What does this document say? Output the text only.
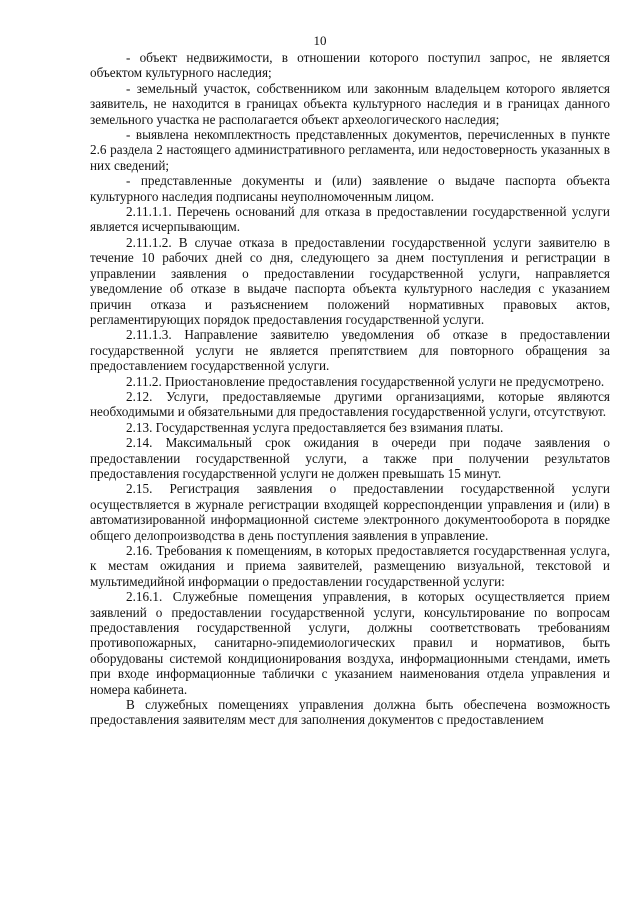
10

- объект недвижимости, в отношении которого поступил запрос, не является объектом культурного наследия;

- земельный участок, собственником или законным владельцем которого является заявитель, не находится в границах объекта культурного наследия и в границах данного земельного участка не располагается объект археологического наследия;

- выявлена некомплектность представленных документов, перечисленных в пункте 2.6 раздела 2 настоящего административного регламента, или недостоверность указанных в них сведений;

- представленные документы и (или) заявление о выдаче паспорта объекта культурного наследия подписаны неуполномоченным лицом.

2.11.1.1. Перечень оснований для отказа в предоставлении государственной услуги является исчерпывающим.

2.11.1.2. В случае отказа в предоставлении государственной услуги заявителю в течение 10 рабочих дней со дня, следующего за днем поступления и регистрации в управлении заявления о предоставлении государственной услуги, направляется уведомление об отказе в выдаче паспорта объекта культурного наследия с указанием причин отказа и разъяснением положений нормативных правовых актов, регламентирующих порядок предоставления государственной услуги.

2.11.1.3. Направление заявителю уведомления об отказе в предоставлении государственной услуги не является препятствием для повторного обращения за предоставлением государственной услуги.

2.11.2. Приостановление предоставления государственной услуги не предусмотрено.

2.12. Услуги, предоставляемые другими организациями, которые являются необходимыми и обязательными для предоставления государственной услуги, отсутствуют.

2.13. Государственная услуга предоставляется без взимания платы.

2.14. Максимальный срок ожидания в очереди при подаче заявления о предоставлении государственной услуги, а также при получении результатов предоставления государственной услуги не должен превышать 15 минут.

2.15. Регистрация заявления о предоставлении государственной услуги осуществляется в журнале регистрации входящей корреспонденции управления и (или) в автоматизированной информационной системе электронного документооборота в порядке общего делопроизводства в день поступления заявления в управление.

2.16. Требования к помещениям, в которых предоставляется государственная услуга, к местам ожидания и приема заявителей, размещению визуальной, текстовой и мультимедийной информации о предоставлении государственной услуги:

2.16.1. Служебные помещения управления, в которых осуществляется прием заявлений о предоставлении государственной услуги, консультирование по вопросам предоставления государственной услуги, должны соответствовать требованиям противопожарных, санитарно-эпидемиологических правил и нормативов, быть оборудованы системой кондиционирования воздуха, информационными стендами, иметь при входе информационные таблички с указанием наименования отдела управления и номера кабинета.

В служебных помещениях управления должна быть обеспечена возможность предоставления заявителям мест для заполнения документов с предоставлением
